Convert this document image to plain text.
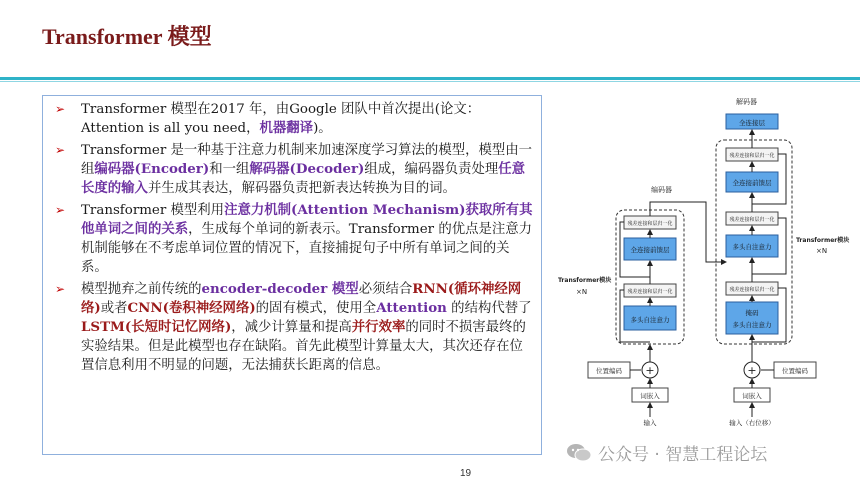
Transformer 模型
➢ Transformer 模型在2017 年，由Google 团队中首次提出(论文：Attention is all you need，机器翻译)。
➢ Transformer 是一种基于注意力机制来加速深度学习算法的模型，模型由一组编码器(Encoder)和一组解码器(Decoder)组成，编码器负责处理任意长度的输入并生成其表达，解码器负责把新表达转换为目的词。
➢ Transformer 模型利用注意力机制(Attention Mechanism)获取所有其他单词之间的关系，生成每个单词的新表示。Transformer 的优点是注意力机制能够在不考虑单词位置的情况下，直接捕捉句子中所有单词之间的关系。
➢ 模型抛弃之前传统的encoder-decoder 模型必须结合RNN(循环神经网络)或者CNN(卷积神经网络)的固有模式，使用全Attention 的结构代替了LSTM(长短时记忆网络)，减少计算量和提高并行效率的同时不损害最终的实验结果。但是此模型也存在缺陷。首先此模型计算量太大，其次还存在位置信息利用不明显的问题，无法捕获长距离的信息。
编码器
残差连接和层归一化
全连接前馈层
残差连接和层归一化
多头自注意力
Transformer模块
×N
+
位置编码
词嵌入
输入
解码器
全连接层
残差连接和层归一化
全连接前馈层
残差连接和层归一化
多头自注意力
残差连接和层归一化
掩码
多头自注意力
Transformer模块
×N
+	位置编码
词嵌入
输入（右位移）
19
公众号 · 智慧工程论坛
